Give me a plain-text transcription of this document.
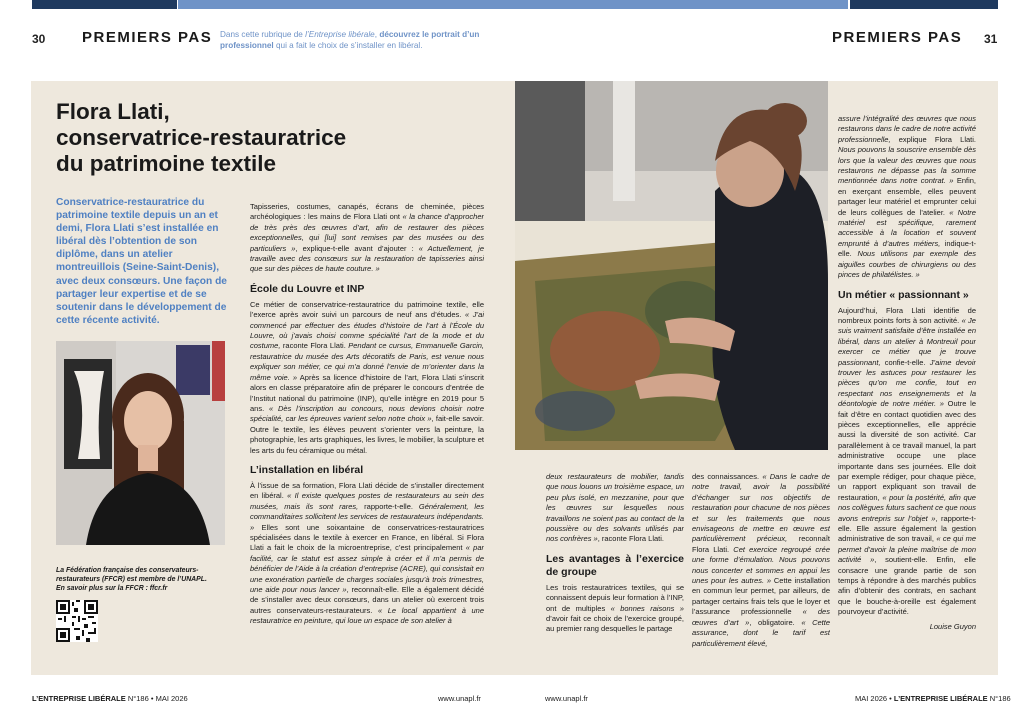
30 PREMIERS PAS Dans cette rubrique de l’Entreprise libérale, découvrez le portrait d’un professionnel qui a fait le choix de s’installer en libéral.	PREMIERS PAS 31
Flora Llati,
conservatrice-restauratrice
du patrimoine textile
Conservatrice-restauratrice du patrimoine textile depuis un an et demi, Flora Llati s’est installée en libéral dès l’obtention de son diplôme, dans un atelier montreuillois (Seine-Saint-Denis), avec deux consœurs. Une façon de partager leur expertise et de se soutenir dans le développement de cette récente activité.
La Fédération française des conservateurs-restaurateurs (FFCR) est membre de l’UNAPL.
En savoir plus sur la FFCR : ffcr.fr

Tapisseries, costumes, canapés, écrans de cheminée, pièces archéologiques : les mains de Flora Llati ont « la chance d’approcher de très près des œuvres d’art, afin de restaurer des pièces exceptionnelles, qui [lui] sont remises par des musées ou des particuliers », explique-t-elle avant d’ajouter : « Actuellement, je travaille avec des consœurs sur la restauration de tapisseries ainsi que sur des pièces de haute couture. »

École du Louvre et INP

Ce métier de conservatrice-restauratrice du patrimoine textile, elle l’exerce après avoir suivi un parcours de neuf ans d’études. « J’ai commencé par effectuer des études d’histoire de l’art à l’École du Louvre, où j’avais choisi comme spécialité l’art de la mode et du costume, raconte Flora Llati. Pendant ce cursus, Emmanuelle Garcin, restauratrice du musée des Arts décoratifs de Paris, est venue nous expliquer son métier, ce qui m’a donné l’envie de m’orienter dans la même voie. » Après sa licence d’histoire de l’art, Flora Llati s’inscrit alors en classe préparatoire afin de préparer le concours d’entrée de l’Institut national du patrimoine (INP), qu’elle intègre en 2019 pour 5 ans. « Dès l’inscription au concours, nous devions choisir notre spécialité, car les épreuves varient selon notre choix », fait-elle savoir. Outre le textile, les élèves peuvent s’orienter vers la peinture, la photographie, les arts graphiques, les livres, le mobilier, la sculpture et les arts du feu céramique ou métal.

L’installation en libéral

À l’issue de sa formation, Flora Llati décide de s’installer directement en libéral. « Il existe quelques postes de restaurateurs au sein des musées, mais ils sont rares, rapporte-t-elle. Généralement, les commanditaires sollicitent les services de restaurateurs indépendants. » Elles sont une soixantaine de conservatrices-restauratrices spécialisées dans le textile à exercer en France, en libéral. Si Flora Llati a fait le choix de la microentreprise, c’est principalement « par facilité, car le statut est assez simple à créer et il m’a permis de bénéficier de l’Aide à la création d’entreprise (ACRE), qui consistait en une exonération partielle de charges sociales jusqu’à trois trimestres, une aide pour nous lancer », reconnaît-elle. Elle a également décidé de s’installer avec deux consœurs, dans un atelier où exercent trois autres conservateurs-restaurateurs. « Le local appartient à une restauratrice en peinture, qui loue un espace de son atelier à

deux restaurateurs de mobilier, tandis que nous louons un troisième espace, un peu plus isolé, en mezzanine, pour que les œuvres sur lesquelles nous travaillons ne soient pas au contact de la poussière ou des solvants utilisés par nos confrères », raconte Flora Llati.

Les avantages à l’exercice de groupe

Les trois restauratrices textiles, qui se connaissent depuis leur formation à l’INP, ont de multiples « bonnes raisons » d’avoir fait ce choix de l’exercice groupé, au premier rang desquelles le partage

des connaissances. « Dans le cadre de notre travail, avoir la possibilité d’échanger sur nos objectifs de restauration pour chacune de nos pièces et sur les traitements que nous envisageons de mettre en œuvre est particulièrement précieux, reconnaît Flora Llati. Cet exercice regroupé crée une forme d’émulation. Nous pouvons nous concerter et sommes en appui les unes pour les autres. » Cette installation en commun leur permet, par ailleurs, de partager certains frais tels que le loyer et l’assurance professionnelle « des œuvres d’art », obligatoire. « Cette assurance, dont le tarif est particulièrement élevé,

assure l’intégralité des œuvres que nous restaurons dans le cadre de notre activité professionnelle, explique Flora Llati. Nous pouvons la souscrire ensemble dès lors que la valeur des œuvres que nous restaurons ne dépasse pas la somme mentionnée dans notre contrat. » Enfin, en exerçant ensemble, elles peuvent partager leur matériel et emprunter celui de leurs collègues de l’atelier. « Notre matériel est spécifique, rarement accessible à la location et souvent emprunté à d’autres métiers, indique-t-elle. Nous utilisons par exemple des aiguilles courbes de chirurgiens ou des pinces de philatélistes. »

Un métier « passionnant »

Aujourd’hui, Flora Llati identifie de nombreux points forts à son activité. « Je suis vraiment satisfaite d’être installée en libéral, dans un atelier à Montreuil pour exercer ce métier que je trouve passionnant, confie-t-elle. J’aime devoir trouver les astuces pour restaurer les pièces qu’on me confie, tout en respectant nos enseignements et la déontologie de notre métier. » Outre le fait d’être en contact quotidien avec des pièces exceptionnelles, elle apprécie aussi la diversité de son activité. Car parallèlement à ce travail manuel, la part administrative occupe une place importante dans ses journées. Elle doit par exemple rédiger, pour chaque pièce, un rapport expliquant son travail de restauration, « pour la postérité, afin que nos collègues futurs sachent ce que nous avons entrepris sur l’objet », rapporte-t-elle. Elle assure également la gestion administrative de son travail, « ce qui me permet d’avoir la pleine maîtrise de mon activité », soutient-elle. Enfin, elle consacre une grande partie de son temps à répondre à des marchés publics afin d’obtenir des contrats, en sachant que le bouche-à-oreille est également pourvoyeur d’activité.

Louise Guyon
L’ENTREPRISE LIBÉRALE N°186 • MAI 2026	www.unapl.fr	www.unapl.fr	MAI 2026 • L’ENTREPRISE LIBÉRALE N°186
